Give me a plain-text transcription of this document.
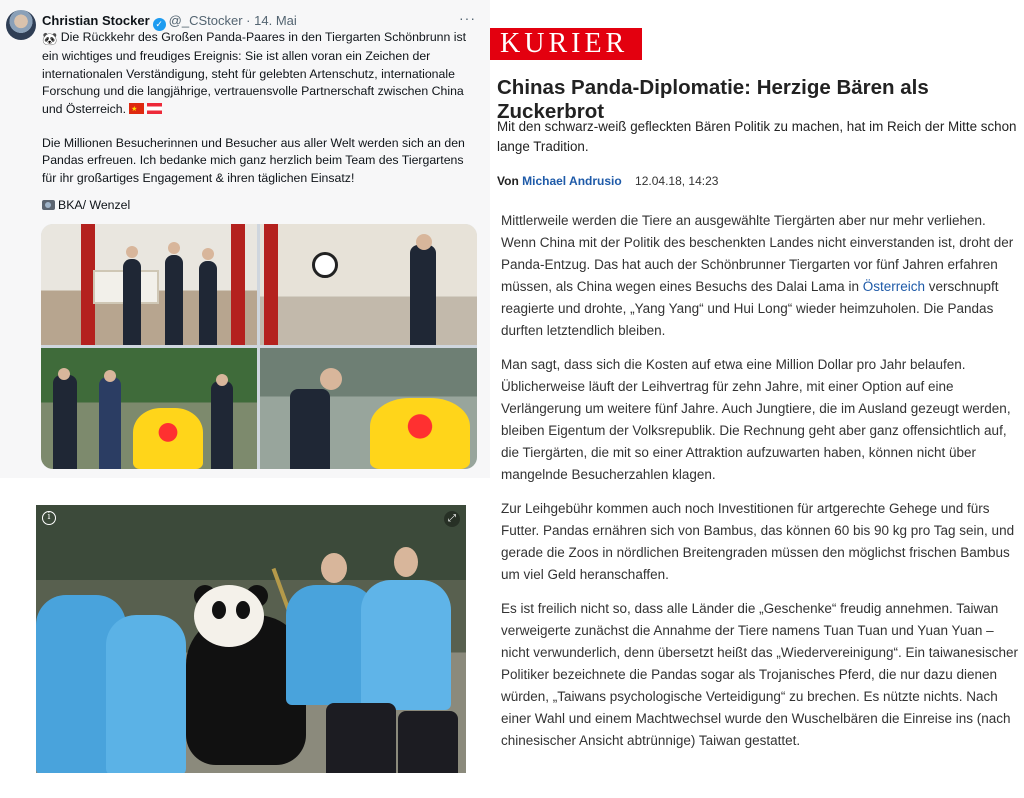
Christian Stocker ✓ @_CStocker · 14. Mai	···

🐼 Die Rückkehr des Großen Panda-Paares in den Tiergarten Schönbrunn ist ein wichtiges und freudiges Ereignis: Sie ist allen voran ein Zeichen der internationalen Verständigung, steht für gelebten Artenschutz, internationale Forschung und die langjährige, vertrauensvolle Partnerschaft zwischen China und Österreich.★

Die Millionen Besucherinnen und Besucher aus aller Welt werden sich an den Pandas erfreuen. Ich bedanke mich ganz herzlich beim Team des Tiergartens für ihr großartiges Engagement & ihren täglichen Einsatz!

BKA/ Wenzel
i	⤢
KURIER
Chinas Panda-Diplomatie: Herzige Bären als Zuckerbrot
Mit den schwarz-weiß gefleckten Bären Politik zu machen, hat im Reich der Mitte schon lange Tradition.
Von Michael Andrusio 12.04.18, 14:23

Mittlerweile werden die Tiere an ausgewählte Tiergärten aber nur mehr verliehen. Wenn China mit der Politik des beschenkten Landes nicht einverstanden ist, droht der Panda-Entzug. Das hat auch der Schönbrunner Tiergarten vor fünf Jahren erfahren müssen, als China wegen eines Besuchs des Dalai Lama in Österreich verschnupft reagierte und drohte, „Yang Yang“ und Hui Long“ wieder heimzuholen. Die Pandas durften letztendlich bleiben.

Man sagt, dass sich die Kosten auf etwa eine Million Dollar pro Jahr belaufen. Üblicherweise läuft der Leihvertrag für zehn Jahre, mit einer Option auf eine Verlängerung um weitere fünf Jahre. Auch Jungtiere, die im Ausland gezeugt werden, bleiben Eigentum der Volksrepublik. Die Rechnung geht aber ganz offensichtlich auf, die Tiergärten, die mit so einer Attraktion aufzuwarten haben, können nicht über mangelnde Besucherzahlen klagen.

Zur Leihgebühr kommen auch noch Investitionen für artgerechte Gehege und fürs Futter. Pandas ernähren sich von Bambus, das können 60 bis 90 kg pro Tag sein, und gerade die Zoos in nördlichen Breitengraden müssen den möglichst frischen Bambus um viel Geld heranschaffen.

Es ist freilich nicht so, dass alle Länder die „Geschenke“ freudig annehmen. Taiwan verweigerte zunächst die Annahme der Tiere namens Tuan Tuan und Yuan Yuan – nicht verwunderlich, denn übersetzt heißt das „Wiedervereinigung“. Ein taiwanesischer Politiker bezeichnete die Pandas sogar als Trojanisches Pferd, die nur dazu dienen würden, „Taiwans psychologische Verteidigung“ zu brechen. Es nützte nichts. Nach einer Wahl und einem Machtwechsel wurde den Wuschelbären die Einreise ins (nach chinesischer Ansicht abtrünnige) Taiwan gestattet.
